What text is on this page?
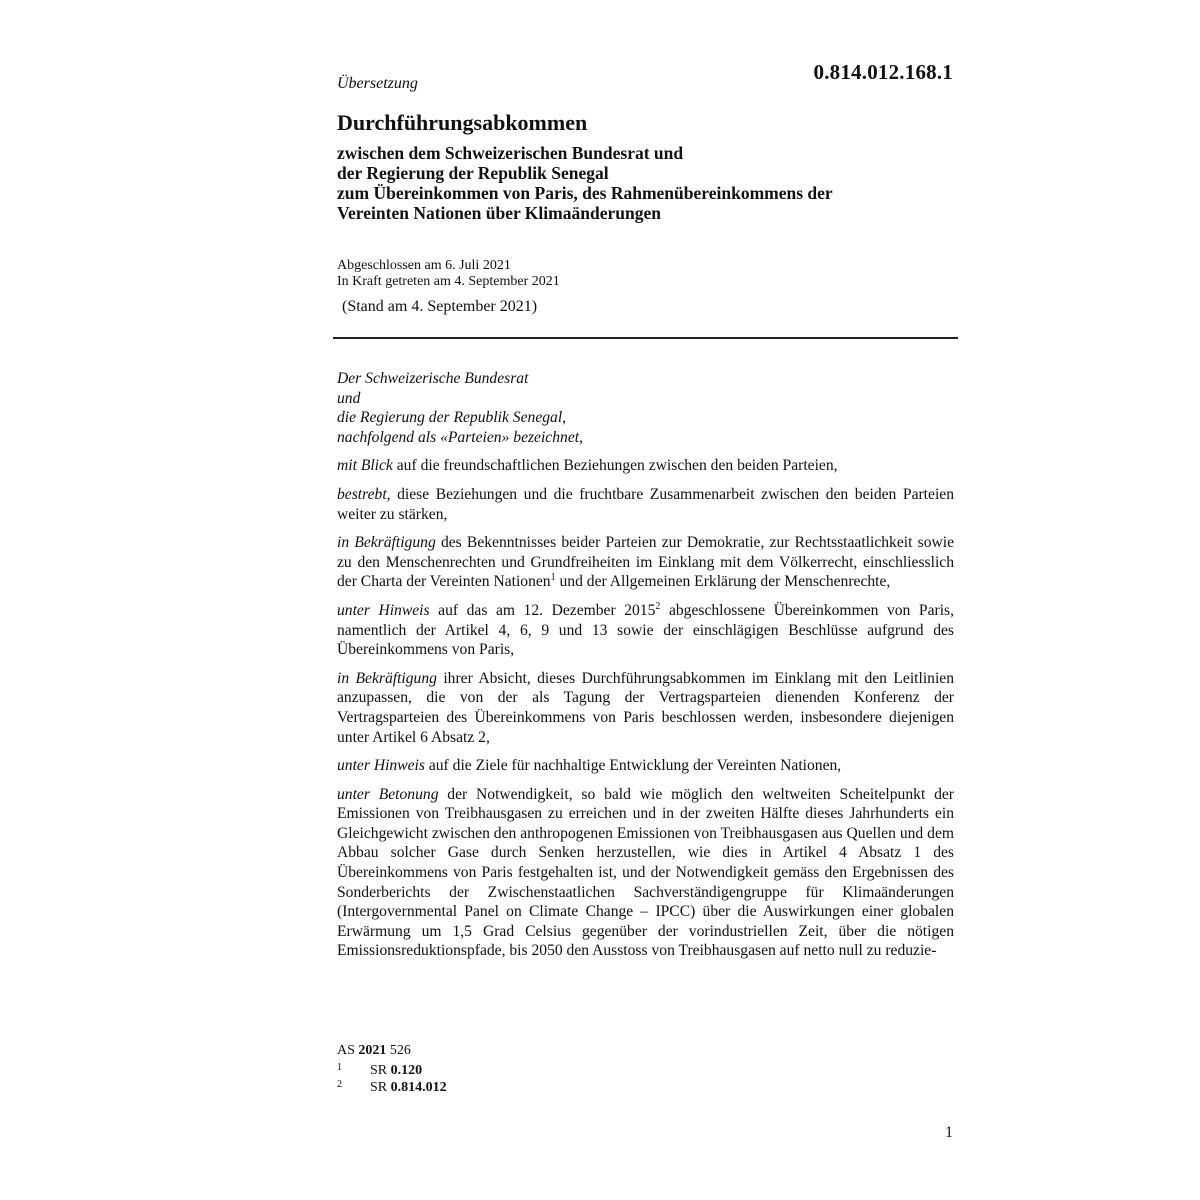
0.814.012.168.1
Übersetzung
Durchführungsabkommen
zwischen dem Schweizerischen Bundesrat und
der Regierung der Republik Senegal
zum Übereinkommen von Paris, des Rahmenübereinkommens der
Vereinten Nationen über Klimaänderungen
Abgeschlossen am 6. Juli 2021
In Kraft getreten am 4. September 2021
(Stand am 4. September 2021)

Der Schweizerische Bundesrat

und

die Regierung der Republik Senegal,

nachfolgend als «Parteien» bezeichnet,

mit Blick auf die freundschaftlichen Beziehungen zwischen den beiden Parteien,

bestrebt, diese Beziehungen und die fruchtbare Zusammenarbeit zwischen den beiden Parteien weiter zu stärken,

in Bekräftigung des Bekenntnisses beider Parteien zur Demokratie, zur Rechtsstaatlichkeit sowie zu den Menschenrechten und Grundfreiheiten im Einklang mit dem Völkerrecht, einschliesslich der Charta der Vereinten Nationen$^1$ und der Allgemeinen Erklärung der Menschenrechte,

unter Hinweis auf das am 12. Dezember 2015$^2$ abgeschlossene Übereinkommen von Paris, namentlich der Artikel 4, 6, 9 und 13 sowie der einschlägigen Beschlüsse aufgrund des Übereinkommens von Paris,

in Bekräftigung ihrer Absicht, dieses Durchführungsabkommen im Einklang mit den Leitlinien anzupassen, die von der als Tagung der Vertragsparteien dienenden Konferenz der Vertragsparteien des Übereinkommens von Paris beschlossen werden, insbesondere diejenigen unter Artikel 6 Absatz 2,

unter Hinweis auf die Ziele für nachhaltige Entwicklung der Vereinten Nationen,

unter Betonung der Notwendigkeit, so bald wie möglich den weltweiten Scheitelpunkt der Emissionen von Treibhausgasen zu erreichen und in der zweiten Hälfte dieses Jahrhunderts ein Gleichgewicht zwischen den anthropogenen Emissionen von Treibhausgasen aus Quellen und dem Abbau solcher Gase durch Senken herzustellen, wie dies in Artikel 4 Absatz 1 des Übereinkommens von Paris festgehalten ist, und der Notwendigkeit gemäss den Ergebnissen des Sonderberichts der Zwischenstaatlichen Sachverständigengruppe für Klimaänderungen (Intergovernmental Panel on Climate Change – IPCC) über die Auswirkungen einer globalen Erwärmung um 1,5 Grad Celsius gegenüber der vorindustriellen Zeit, über die nötigen Emissionsreduktionspfade, bis 2050 den Ausstoss von Treibhausgasen auf netto null zu reduzie-

AS 2021 526
1 SR 0.120
2 SR 0.814.012
1
